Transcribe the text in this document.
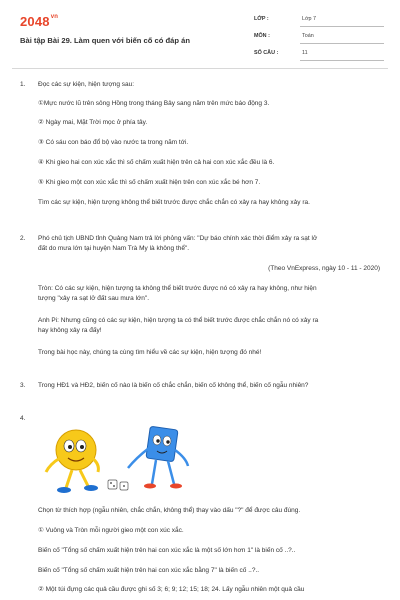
$2048^{vn}$
Bài tập Bài 29. Làm quen với biến cố có đáp án
LỚP :	Lớp 7
MÔN :	Toán
SỐ CÂU :	11
1. Đọc các sự kiện, hiện tượng sau:
①Mực nước lũ trên sông Hồng trong tháng Bảy sang năm trên mức báo động 3.
② Ngày mai, Mặt Trời mọc ở phía tây.
③ Có sáu con báo đổ bộ vào nước ta trong năm tới.
④ Khi gieo hai con xúc xắc thì số chấm xuất hiện trên cả hai con xúc xắc đều là 6.
⑤ Khi gieo một con xúc xắc thì số chấm xuất hiện trên con xúc xắc bé hơn 7.
Tìm các sự kiện, hiện tượng không thể biết trước được chắc chắn có xảy ra hay không xảy ra.
2. Phó chủ tịch UBND tỉnh Quảng Nam trả lời phỏng vấn: "Dự báo chính xác thời điểm xảy ra sạt lở
đất do mưa lớn tại huyện Nam Trà My là không thể".
(Theo VnExpress, ngày 10 - 11 - 2020)
Tròn: Có các sự kiện, hiện tượng ta không thể biết trước được nó có xảy ra hay không, như hiện
tượng "xảy ra sạt lở đất sau mưa lớn".
Anh Pi: Nhưng cũng có các sự kiện, hiện tượng ta có thể biết trước được chắc chắn nó có xảy ra
hay không xảy ra đấy!
Trong bài học này, chúng ta cùng tìm hiểu về các sự kiện, hiện tượng đó nhé!
3. Trong HĐ1 và HĐ2, biến cố nào là biến cố chắc chắn, biến cố không thể, biến cố ngẫu nhiên?
4.
Chọn từ thích hợp (ngẫu nhiên, chắc chắn, không thể) thay vào dấu "?" để được câu đúng.
① Vuông và Tròn mỗi người gieo một con xúc xắc.
Biến cố "Tổng số chấm xuất hiện trên hai con xúc xắc là một số lớn hơn 1" là biến cố ..?..
Biến cố "Tổng số chấm xuất hiện trên hai con xúc xắc bằng 7" là biến cố ..?..
② Một túi đựng các quả cầu được ghi số 3; 6; 9; 12; 15; 18; 24. Lấy ngẫu nhiên một quả cầu
